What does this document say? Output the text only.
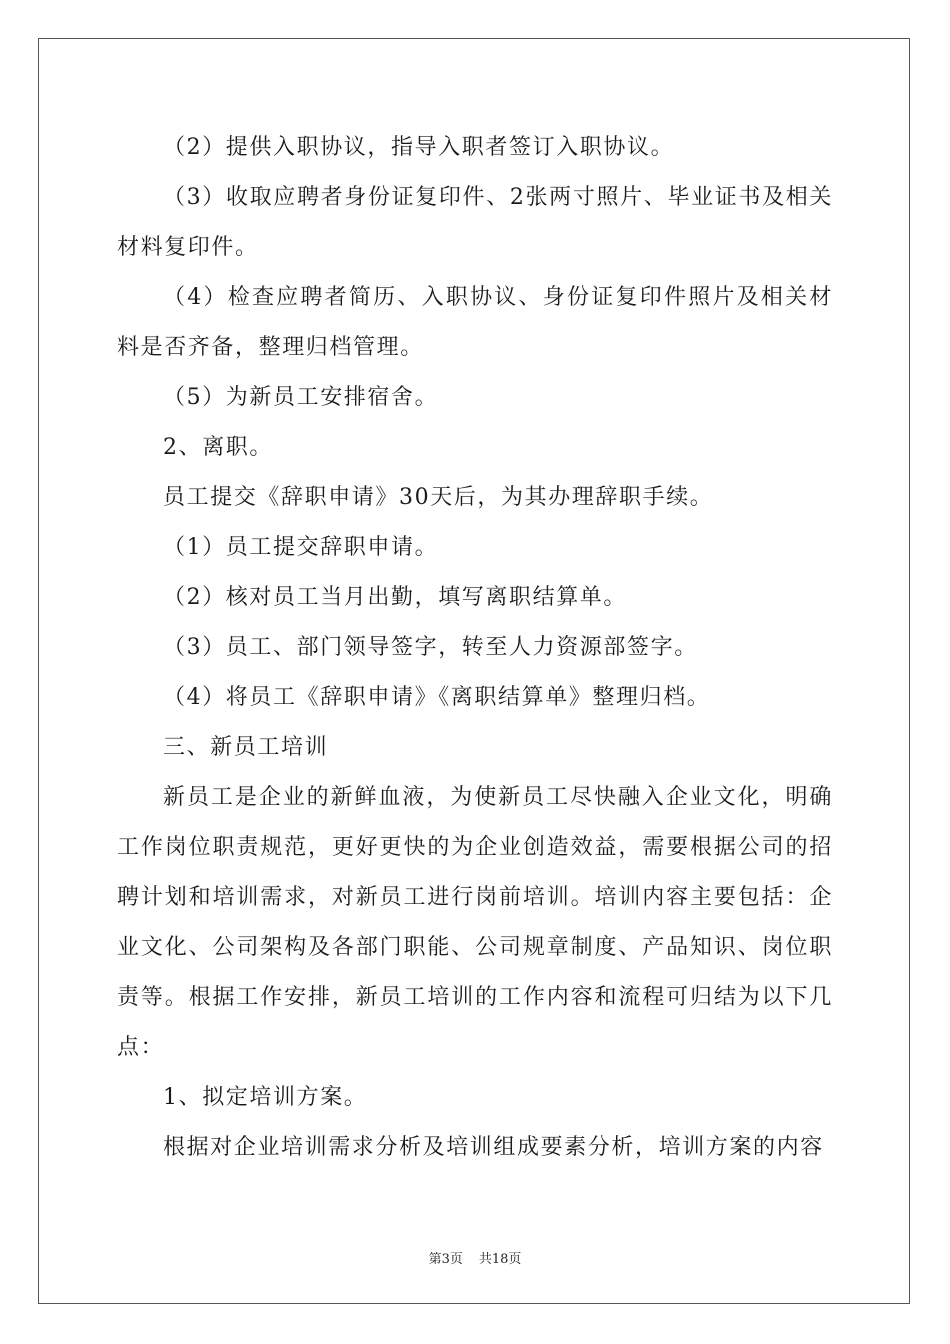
（2）提供入职协议，指导入职者签订入职协议。

（3）收取应聘者身份证复印件、2张两寸照片、毕业证书及相关材料复印件。

（4）检查应聘者简历、入职协议、身份证复印件照片及相关材料是否齐备，整理归档管理。

（5）为新员工安排宿舍。

2、离职。

员工提交《辞职申请》30天后，为其办理辞职手续。

（1）员工提交辞职申请。

（2）核对员工当月出勤，填写离职结算单。

（3）员工、部门领导签字，转至人力资源部签字。

（4）将员工《辞职申请》《离职结算单》整理归档。

三、新员工培训

新员工是企业的新鲜血液，为使新员工尽快融入企业文化，明确工作岗位职责规范，更好更快的为企业创造效益，需要根据公司的招聘计划和培训需求，对新员工进行岗前培训。培训内容主要包括：企业文化、公司架构及各部门职能、公司规章制度、产品知识、岗位职责等。根据工作安排，新员工培训的工作内容和流程可归结为以下几点：

1、拟定培训方案。

根据对企业培训需求分析及培训组成要素分析，培训方案的内容

第3页 共18页
